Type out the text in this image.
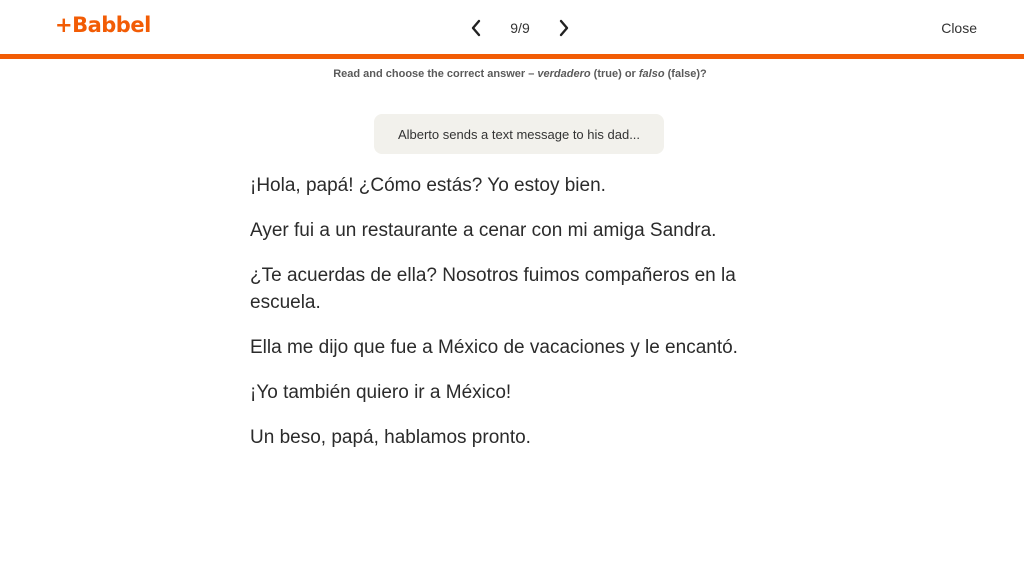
+Babbel	9/9	Close
Read and choose the correct answer – verdadero (true) or falso (false)?
Alberto sends a text message to his dad...

¡Hola, papá! ¿Cómo estás? Yo estoy bien.

Ayer fui a un restaurante a cenar con mi amiga Sandra.

¿Te acuerdas de ella? Nosotros fuimos compañeros en la escuela.

Ella me dijo que fue a México de vacaciones y le encantó.

¡Yo también quiero ir a México!

Un beso, papá, hablamos pronto.
